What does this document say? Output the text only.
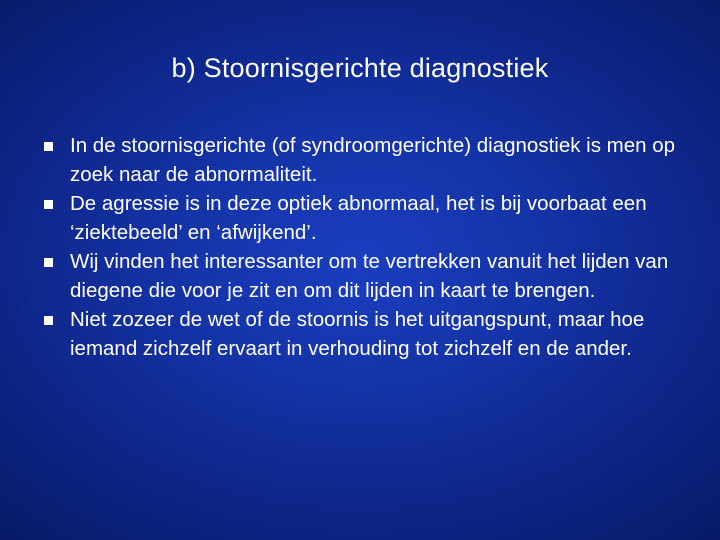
b) Stoornisgerichte diagnostiek
In de stoornisgerichte (of syndroomgerichte) diagnostiek is men op zoek naar de abnormaliteit.
De agressie is in deze optiek abnormaal, het is bij voorbaat een ‘ziektebeeld’ en ‘afwijkend’.
Wij vinden het interessanter om te vertrekken vanuit het lijden van diegene die voor je zit en om dit lijden in kaart te brengen.
Niet zozeer de wet of de stoornis is het uitgangspunt, maar hoe iemand zichzelf ervaart in verhouding tot zichzelf en de ander.
